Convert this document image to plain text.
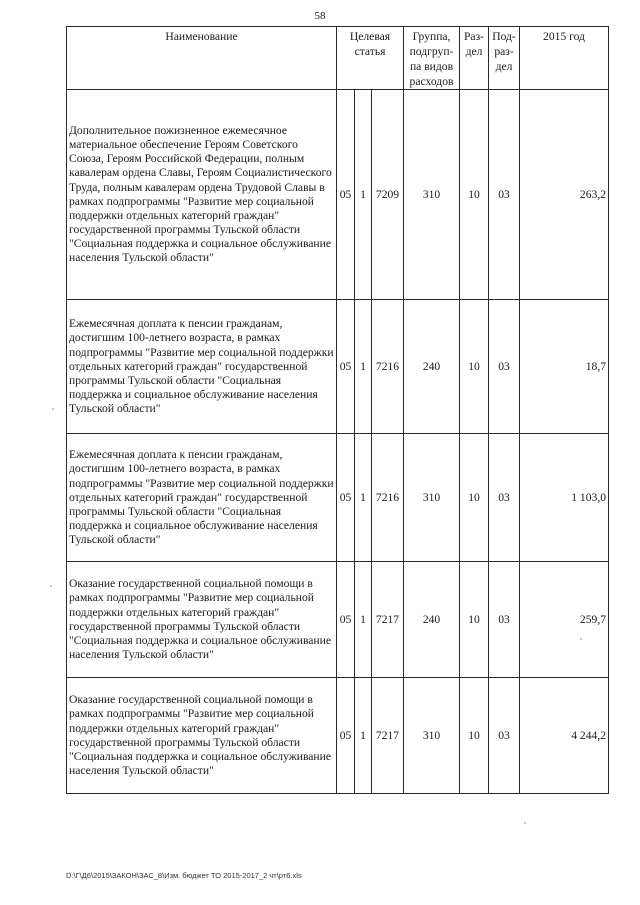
58
Наименование	Целевая статья			Группа, подгруп-па видов расходов	Раз-дел	Под-раз-дел	2015 год
Дополнительное пожизненное ежемесячное материальное обеспечение Героям Советского Союза, Героям Российской Федерации, полным кавалерам ордена Славы, Героям Социалистического Труда, полным кавалерам ордена Трудовой Славы в рамках подпрограммы "Развитие мер социальной поддержки отдельных категорий граждан" государственной программы Тульской области "Социальная поддержка и социальное обслуживание населения Тульской области"	05	1	7209	310	10	03	263,2
Ежемесячная доплата к пенсии гражданам, достигшим 100-летнего возраста, в рамках подпрограммы "Развитие мер социальной поддержки отдельных категорий граждан" государственной программы Тульской области "Социальная поддержка и социальное обслуживание населения Тульской области"	05	1	7216	240	10	03	18,7
Ежемесячная доплата к пенсии гражданам, достигшим 100-летнего возраста, в рамках подпрограммы "Развитие мер социальной поддержки отдельных категорий граждан" государственной программы Тульской области "Социальная поддержка и социальное обслуживание населения Тульской области"	05	1	7216	310	10	03	1 103,0
Оказание государственной социальной помощи в рамках подпрограммы "Развитие мер социальной поддержки отдельных категорий граждан" государственной программы Тульской области "Социальная поддержка и социальное обслуживание населения Тульской области"	05	1	7217	240	10	03	259,7
Оказание государственной социальной помощи в рамках подпрограммы "Развитие мер социальной поддержки отдельных категорий граждан" государственной программы Тульской области "Социальная поддержка и социальное обслуживание населения Тульской области"	05	1	7217	310	10	03	4 244,2
D:\Г\Д6\2015\ЗАКОН\ЗАС_8\Изм. бюджет ТО 2015-2017_2 чт\рт6.xls
